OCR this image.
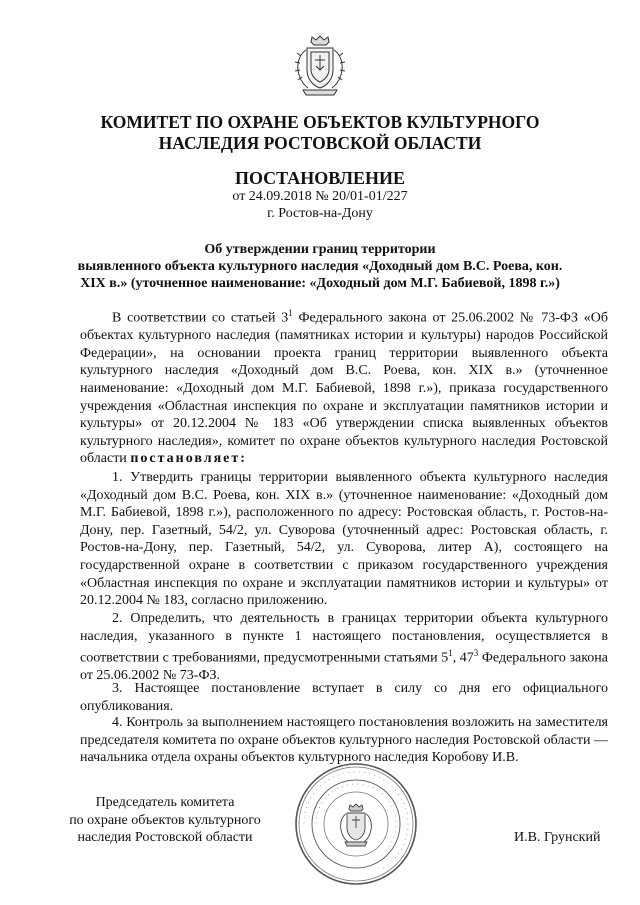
КОМИТЕТ ПО ОХРАНЕ ОБЪЕКТОВ КУЛЬТУРНОГО
НАСЛЕДИЯ РОСТОВСКОЙ ОБЛАСТИ
ПОСТАНОВЛЕНИЕ
от 24.09.2018 № 20/01-01/227
г. Ростов-на-Дону
Об утверждении границ территории
выявленного объекта культурного наследия «Доходный дом В.С. Роева, кон.
XIX в.» (уточненное наименование: «Доходный дом М.Г. Бабиевой, 1898 г.»)

В соответствии со статьей $3^1$ Федерального закона от 25.06.2002 № 73-ФЗ «Об объектах культурного наследия (памятниках истории и культуры) народов Российской Федерации», на основании проекта границ территории выявленного объекта культурного наследия «Доходный дом В.С. Роева, кон. XIX в.» (уточненное наименование: «Доходный дом М.Г. Бабиевой, 1898 г.»), приказа государственного учреждения «Областная инспекция по охране и эксплуатации памятников истории и культуры» от 20.12.2004 № 183 «Об утверждении списка выявленных объектов культурного наследия», комитет по охране объектов культурного наследия Ростовской области постановляет:

1. Утвердить границы территории выявленного объекта культурного наследия «Доходный дом В.С. Роева, кон. XIX в.» (уточненное наименование: «Доходный дом М.Г. Бабиевой, 1898 г.»), расположенного по адресу: Ростовская область, г. Ростов-на-Дону, пер. Газетный, 54/2, ул. Суворова (уточненный адрес: Ростовская область, г. Ростов-на-Дону, пер. Газетный, 54/2, ул. Суворова, литер А), состоящего на государственной охране в соответствии с приказом государственного учреждения «Областная инспекция по охране и эксплуатации памятников истории и культуры» от 20.12.2004 № 183, согласно приложению.

2. Определить, что деятельность в границах территории объекта культурного наследия, указанного в пункте 1 настоящего постановления, осуществляется в соответствии с требованиями, предусмотренными статьями $5^1$, $47^3$ Федерального закона от 25.06.2002 № 73-ФЗ.

3. Настоящее постановление вступает в силу со дня его официального опубликования.

4. Контроль за выполнением настоящего постановления возложить на заместителя председателя комитета по охране объектов культурного наследия Ростовской области — начальника отдела охраны объектов культурного наследия Коробову И.В.

Председатель комитета
по охране объектов культурного
наследия Ростовской области
· · · · · · · · · · · · · · · · · · · · · · · · · · · · · · · · · · · · · · · · · ·
· · · · · · · · · · · · · · · · · · · · · · · · · · · · · ·
И.В. Грунский
